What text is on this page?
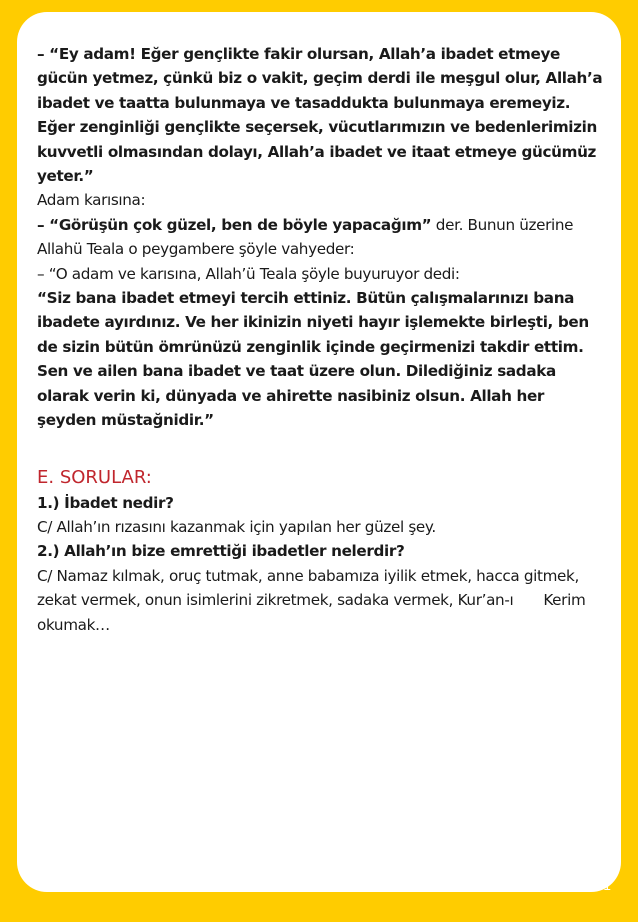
– “Ey adam! Eğer gençlikte fakir olursan, Allah’a ibadet etmeye gücün yetmez, çünkü biz o vakit, geçim derdi ile meşgul olur, Allah’a ibadet ve taatta bulunmaya ve tasaddukta bulunmaya eremeyiz. Eğer zenginliği gençlikte seçersek, vücutlarımızın ve bedenlerimizin kuvvetli olmasından dolayı, Allah’a ibadet ve itaat etmeye gücümüz yeter.”

Adam karısına:

– “Görüşün çok güzel, ben de böyle yapacağım” der. Bunun üzerine Allahü Teala o peygambere şöyle vahyeder:

– “O adam ve karısına, Allah’ü Teala şöyle buyuruyor dedi:

“Siz bana ibadet etmeyi tercih ettiniz. Bütün çalışmalarınızı bana ibadete ayırdınız. Ve her ikinizin niyeti hayır işlemekte birleşti, ben de sizin bütün ömrünüzü zenginlik içinde geçirmenizi takdir ettim. Sen ve ailen bana ibadet ve taat üzere olun. Dilediğiniz sadaka olarak verin ki, dünyada ve ahirette nasibiniz olsun. Allah her şeyden müstağnidir.”

E. SORULAR:

1.) İbadet nedir?

C/ Allah’ın rızasını kazanmak için yapılan her güzel şey.

2.) Allah’ın bize emrettiği ibadetler nelerdir?

C/ Namaz kılmak, oruç tutmak, anne babamıza iyilik etmek, hacca gitmek, zekat vermek, onun isimlerini zikretmek, sadaka vermek, Kur’an-ı Kerim okumak…

İBADET
ERDEMLER
EĞİTİMİ
İLKOKUL 1
